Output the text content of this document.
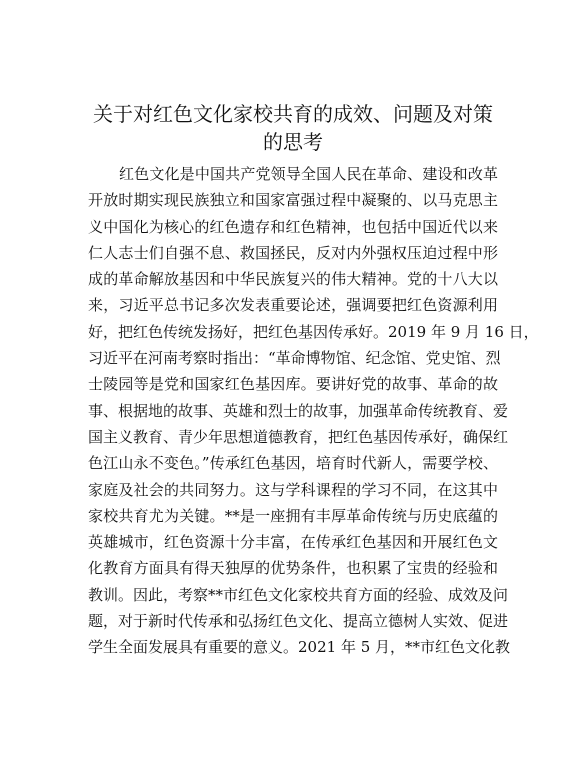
关于对红色文化家校共育的成效、问题及对策
的思考
红色文化是中国共产党领导全国人民在革命、建设和改革
开放时期实现民族独立和国家富强过程中凝聚的、以马克思主
义中国化为核心的红色遗存和红色精神，也包括中国近代以来
仁人志士们自强不息、救国拯民，反对内外强权压迫过程中形
成的革命解放基因和中华民族复兴的伟大精神。党的十八大以
来，习近平总书记多次发表重要论述，强调要把红色资源利用
好，把红色传统发扬好，把红色基因传承好。2019 年 9 月 16 日，
习近平在河南考察时指出：“革命博物馆、纪念馆、党史馆、烈
士陵园等是党和国家红色基因库。要讲好党的故事、革命的故
事、根据地的故事、英雄和烈士的故事，加强革命传统教育、爱
国主义教育、青少年思想道德教育，把红色基因传承好，确保红
色江山永不变色。”传承红色基因，培育时代新人，需要学校、
家庭及社会的共同努力。这与学科课程的学习不同，在这其中
家校共育尤为关键。**是一座拥有丰厚革命传统与历史底蕴的
英雄城市，红色资源十分丰富，在传承红色基因和开展红色文
化教育方面具有得天独厚的优势条件，也积累了宝贵的经验和
教训。因此，考察**市红色文化家校共育方面的经验、成效及问
题，对于新时代传承和弘扬红色文化、提高立德树人实效、促进
学生全面发展具有重要的意义。2021 年 5 月，**市红色文化教
